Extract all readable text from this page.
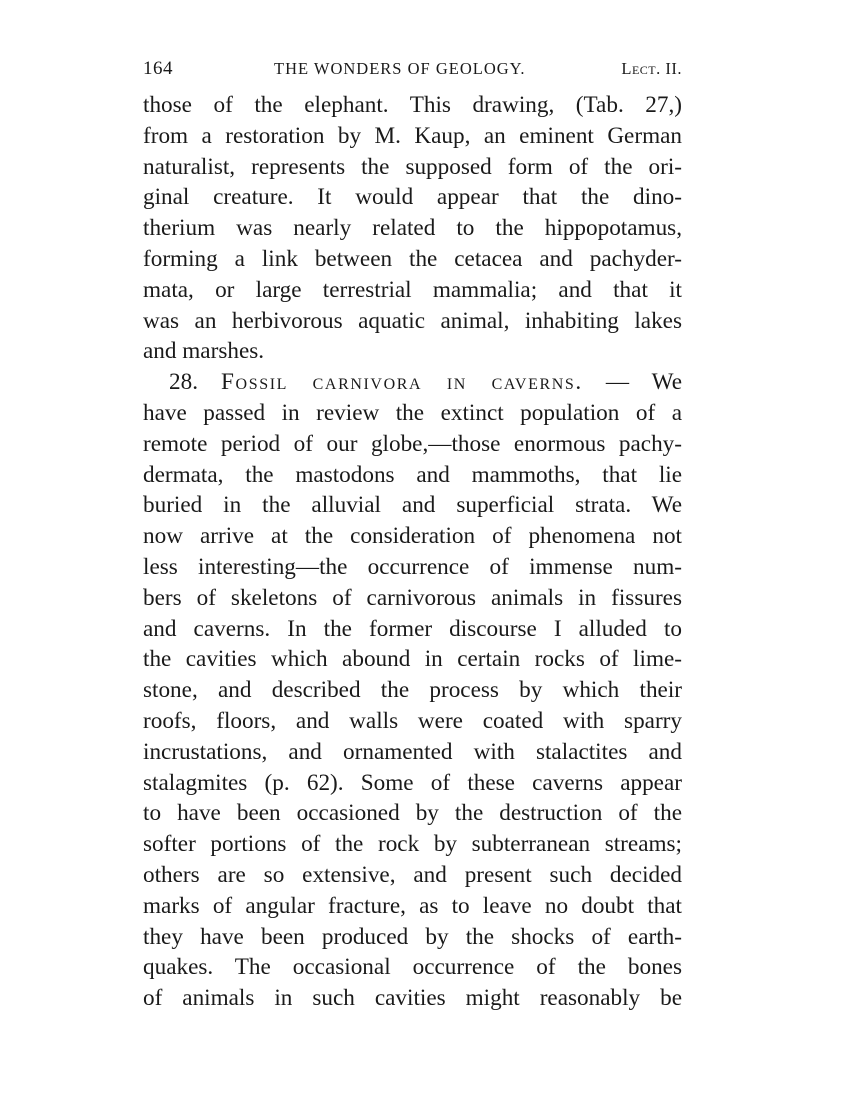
164	THE WONDERS OF GEOLOGY.	Lect. II.
those of the elephant. This drawing, (Tab. 27,)
from a restoration by M. Kaup, an eminent German
naturalist, represents the supposed form of the ori-
ginal creature. It would appear that the dino-
therium was nearly related to the hippopotamus,
forming a link between the cetacea and pachyder-
mata, or large terrestrial mammalia; and that it
was an herbivorous aquatic animal, inhabiting lakes
and marshes.
28. Fossil carnivora in caverns. — We
have passed in review the extinct population of a
remote period of our globe,—those enormous pachy-
dermata, the mastodons and mammoths, that lie
buried in the alluvial and superficial strata. We
now arrive at the consideration of phenomena not
less interesting—the occurrence of immense num-
bers of skeletons of carnivorous animals in fissures
and caverns. In the former discourse I alluded to
the cavities which abound in certain rocks of lime-
stone, and described the process by which their
roofs, floors, and walls were coated with sparry
incrustations, and ornamented with stalactites and
stalagmites (p. 62). Some of these caverns appear
to have been occasioned by the destruction of the
softer portions of the rock by subterranean streams;
others are so extensive, and present such decided
marks of angular fracture, as to leave no doubt that
they have been produced by the shocks of earth-
quakes. The occasional occurrence of the bones
of animals in such cavities might reasonably be
